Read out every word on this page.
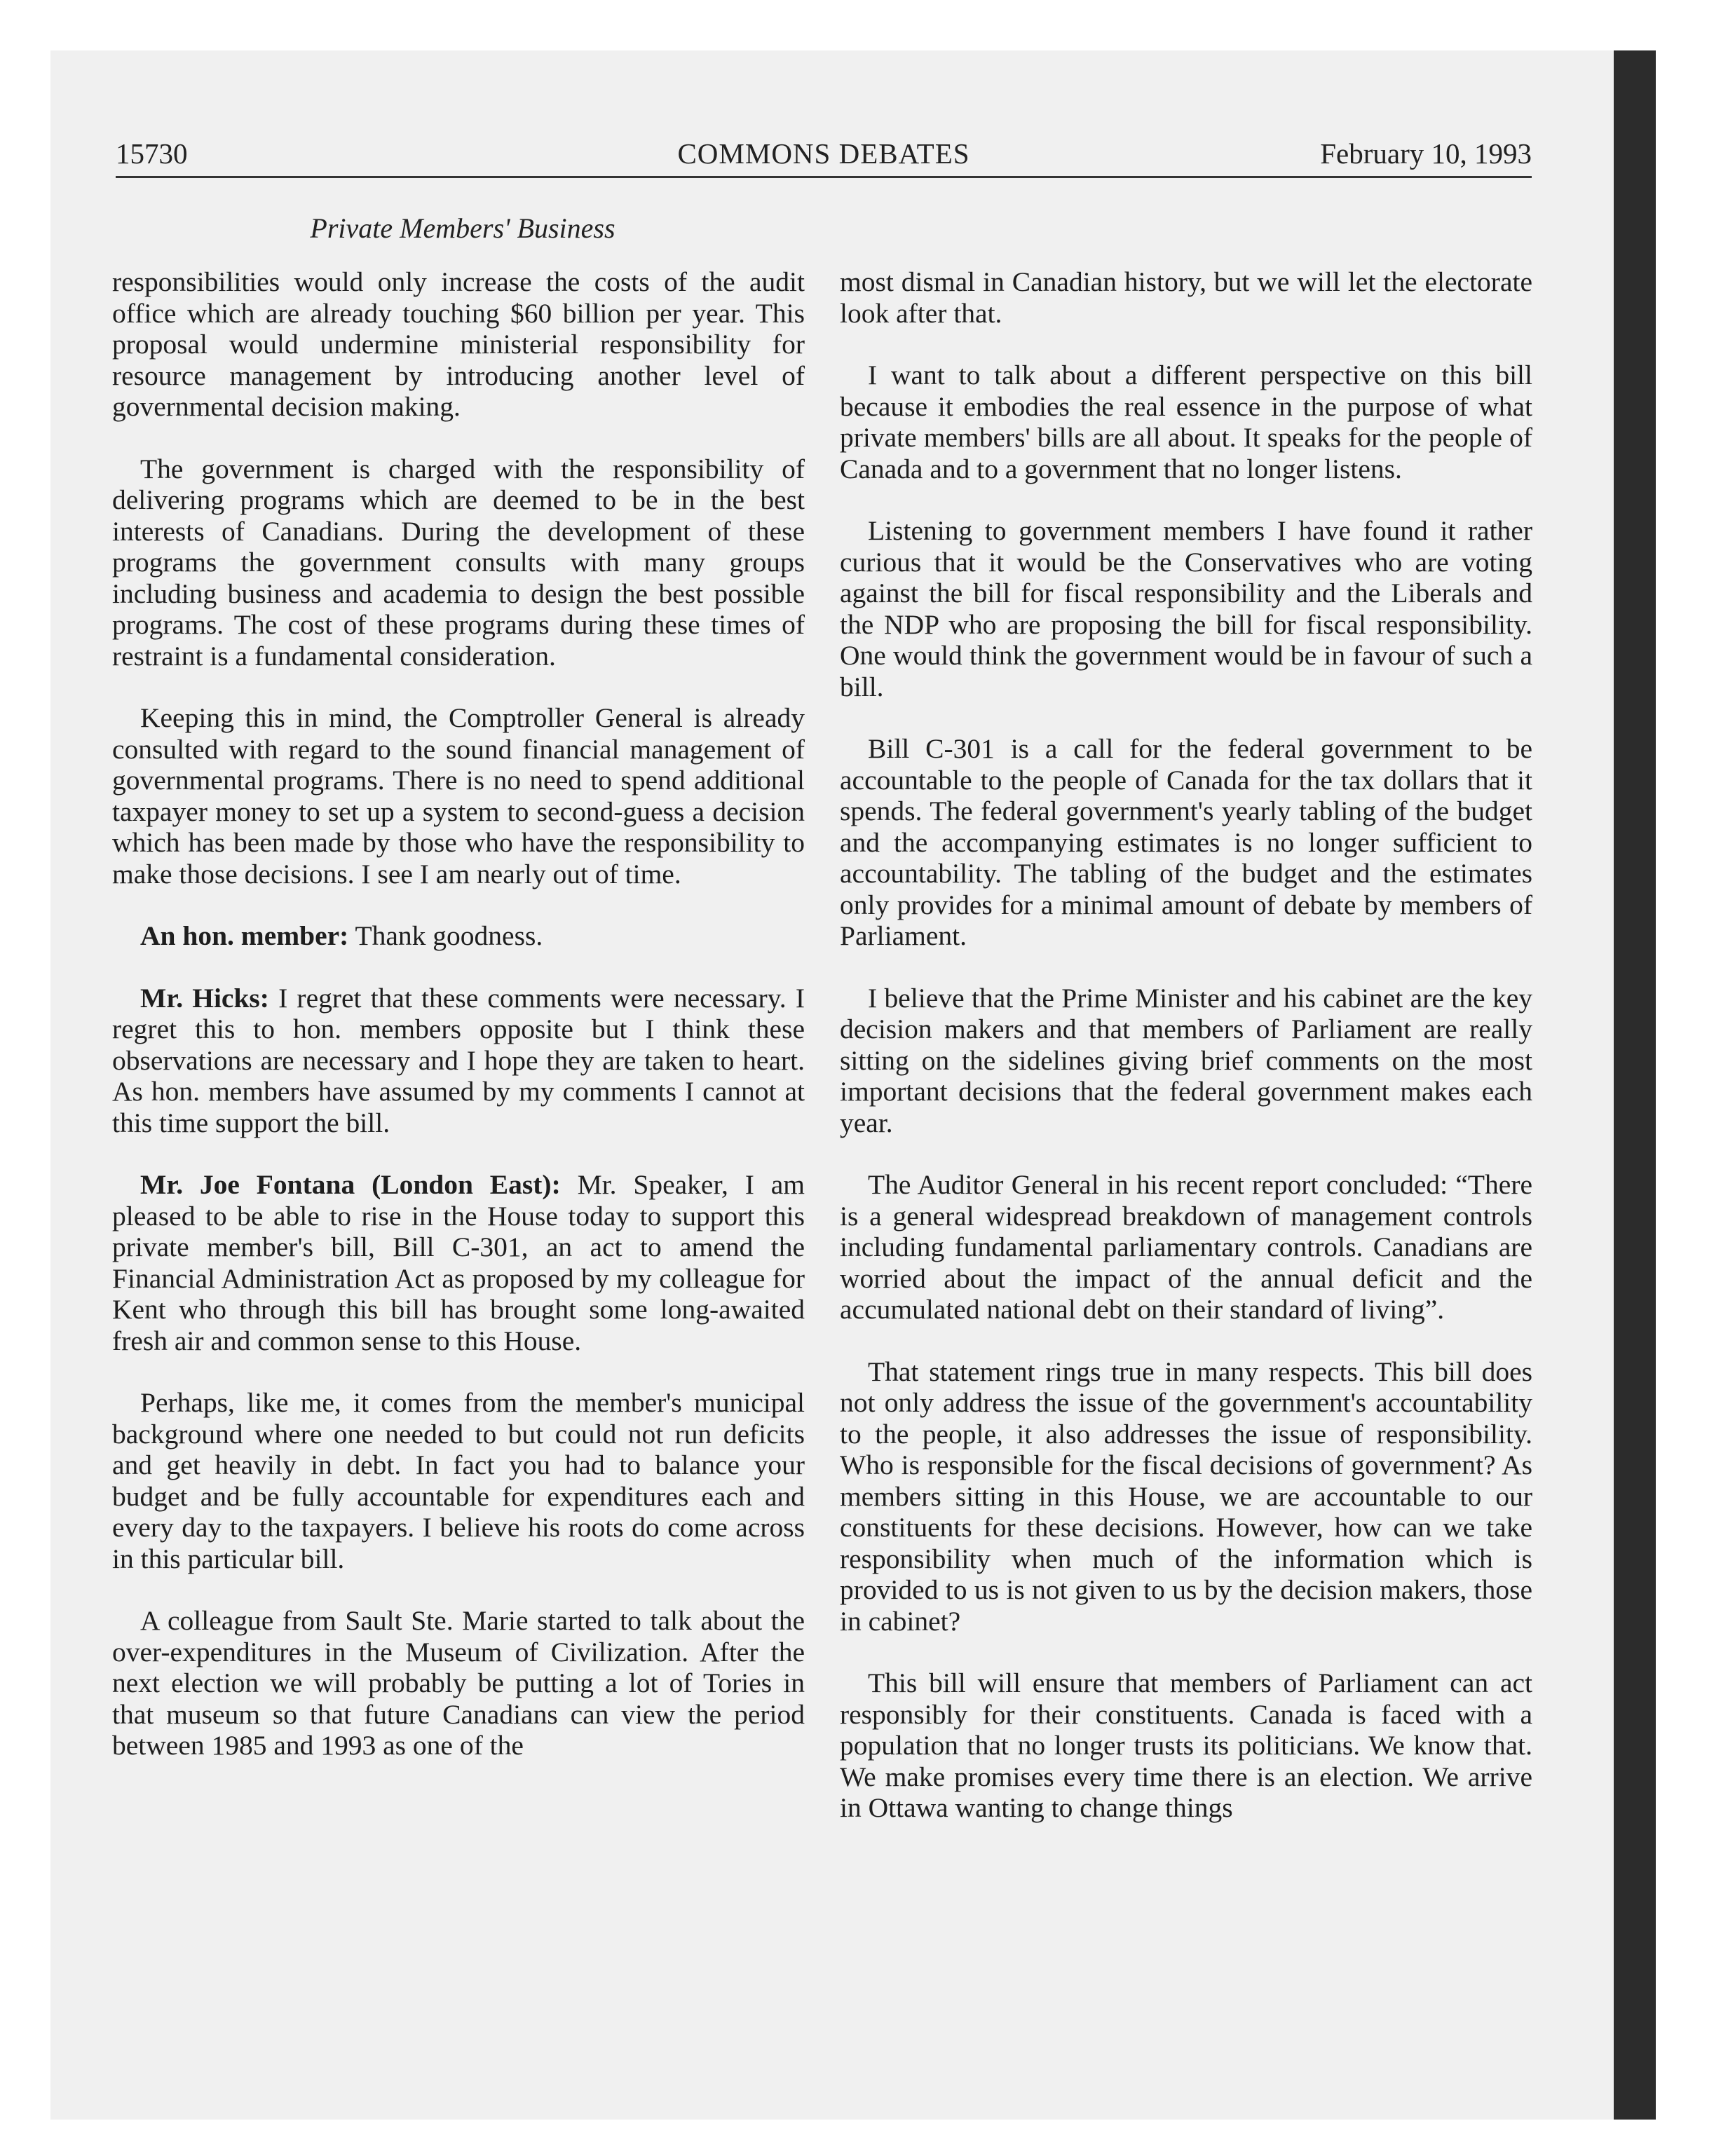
15730	COMMONS DEBATES	February 10, 1993
Private Members' Business

responsibilities would only increase the costs of the audit office which are already touching $60 billion per year. This proposal would undermine ministerial responsibility for resource management by introducing another level of governmental decision making.

The government is charged with the responsibility of delivering programs which are deemed to be in the best interests of Canadians. During the development of these programs the government consults with many groups including business and academia to design the best possible programs. The cost of these programs during these times of restraint is a fundamental consideration.

Keeping this in mind, the Comptroller General is already consulted with regard to the sound financial management of governmental programs. There is no need to spend additional taxpayer money to set up a system to second-guess a decision which has been made by those who have the responsibility to make those decisions. I see I am nearly out of time.

An hon. member: Thank goodness.

Mr. Hicks: I regret that these comments were necessary. I regret this to hon. members opposite but I think these observations are necessary and I hope they are taken to heart. As hon. members have assumed by my comments I cannot at this time support the bill.

Mr. Joe Fontana (London East): Mr. Speaker, I am pleased to be able to rise in the House today to support this private member's bill, Bill C-301, an act to amend the Financial Administration Act as proposed by my colleague for Kent who through this bill has brought some long-awaited fresh air and common sense to this House.

Perhaps, like me, it comes from the member's municipal background where one needed to but could not run deficits and get heavily in debt. In fact you had to balance your budget and be fully accountable for expenditures each and every day to the taxpayers. I believe his roots do come across in this particular bill.

A colleague from Sault Ste. Marie started to talk about the over-expenditures in the Museum of Civilization. After the next election we will probably be putting a lot of Tories in that museum so that future Canadians can view the period between 1985 and 1993 as one of the

most dismal in Canadian history, but we will let the electorate look after that.

I want to talk about a different perspective on this bill because it embodies the real essence in the purpose of what private members' bills are all about. It speaks for the people of Canada and to a government that no longer listens.

Listening to government members I have found it rather curious that it would be the Conservatives who are voting against the bill for fiscal responsibility and the Liberals and the NDP who are proposing the bill for fiscal responsibility. One would think the government would be in favour of such a bill.

Bill C-301 is a call for the federal government to be accountable to the people of Canada for the tax dollars that it spends. The federal government's yearly tabling of the budget and the accompanying estimates is no longer sufficient to accountability. The tabling of the budget and the estimates only provides for a minimal amount of debate by members of Parliament.

I believe that the Prime Minister and his cabinet are the key decision makers and that members of Parliament are really sitting on the sidelines giving brief comments on the most important decisions that the federal government makes each year.

The Auditor General in his recent report concluded: “There is a general widespread breakdown of management controls including fundamental parliamentary controls. Canadians are worried about the impact of the annual deficit and the accumulated national debt on their standard of living”.

That statement rings true in many respects. This bill does not only address the issue of the government's accountability to the people, it also addresses the issue of responsibility. Who is responsible for the fiscal decisions of government? As members sitting in this House, we are accountable to our constituents for these decisions. However, how can we take responsibility when much of the information which is provided to us is not given to us by the decision makers, those in cabinet?

This bill will ensure that members of Parliament can act responsibly for their constituents. Canada is faced with a population that no longer trusts its politicians. We know that. We make promises every time there is an election. We arrive in Ottawa wanting to change things
